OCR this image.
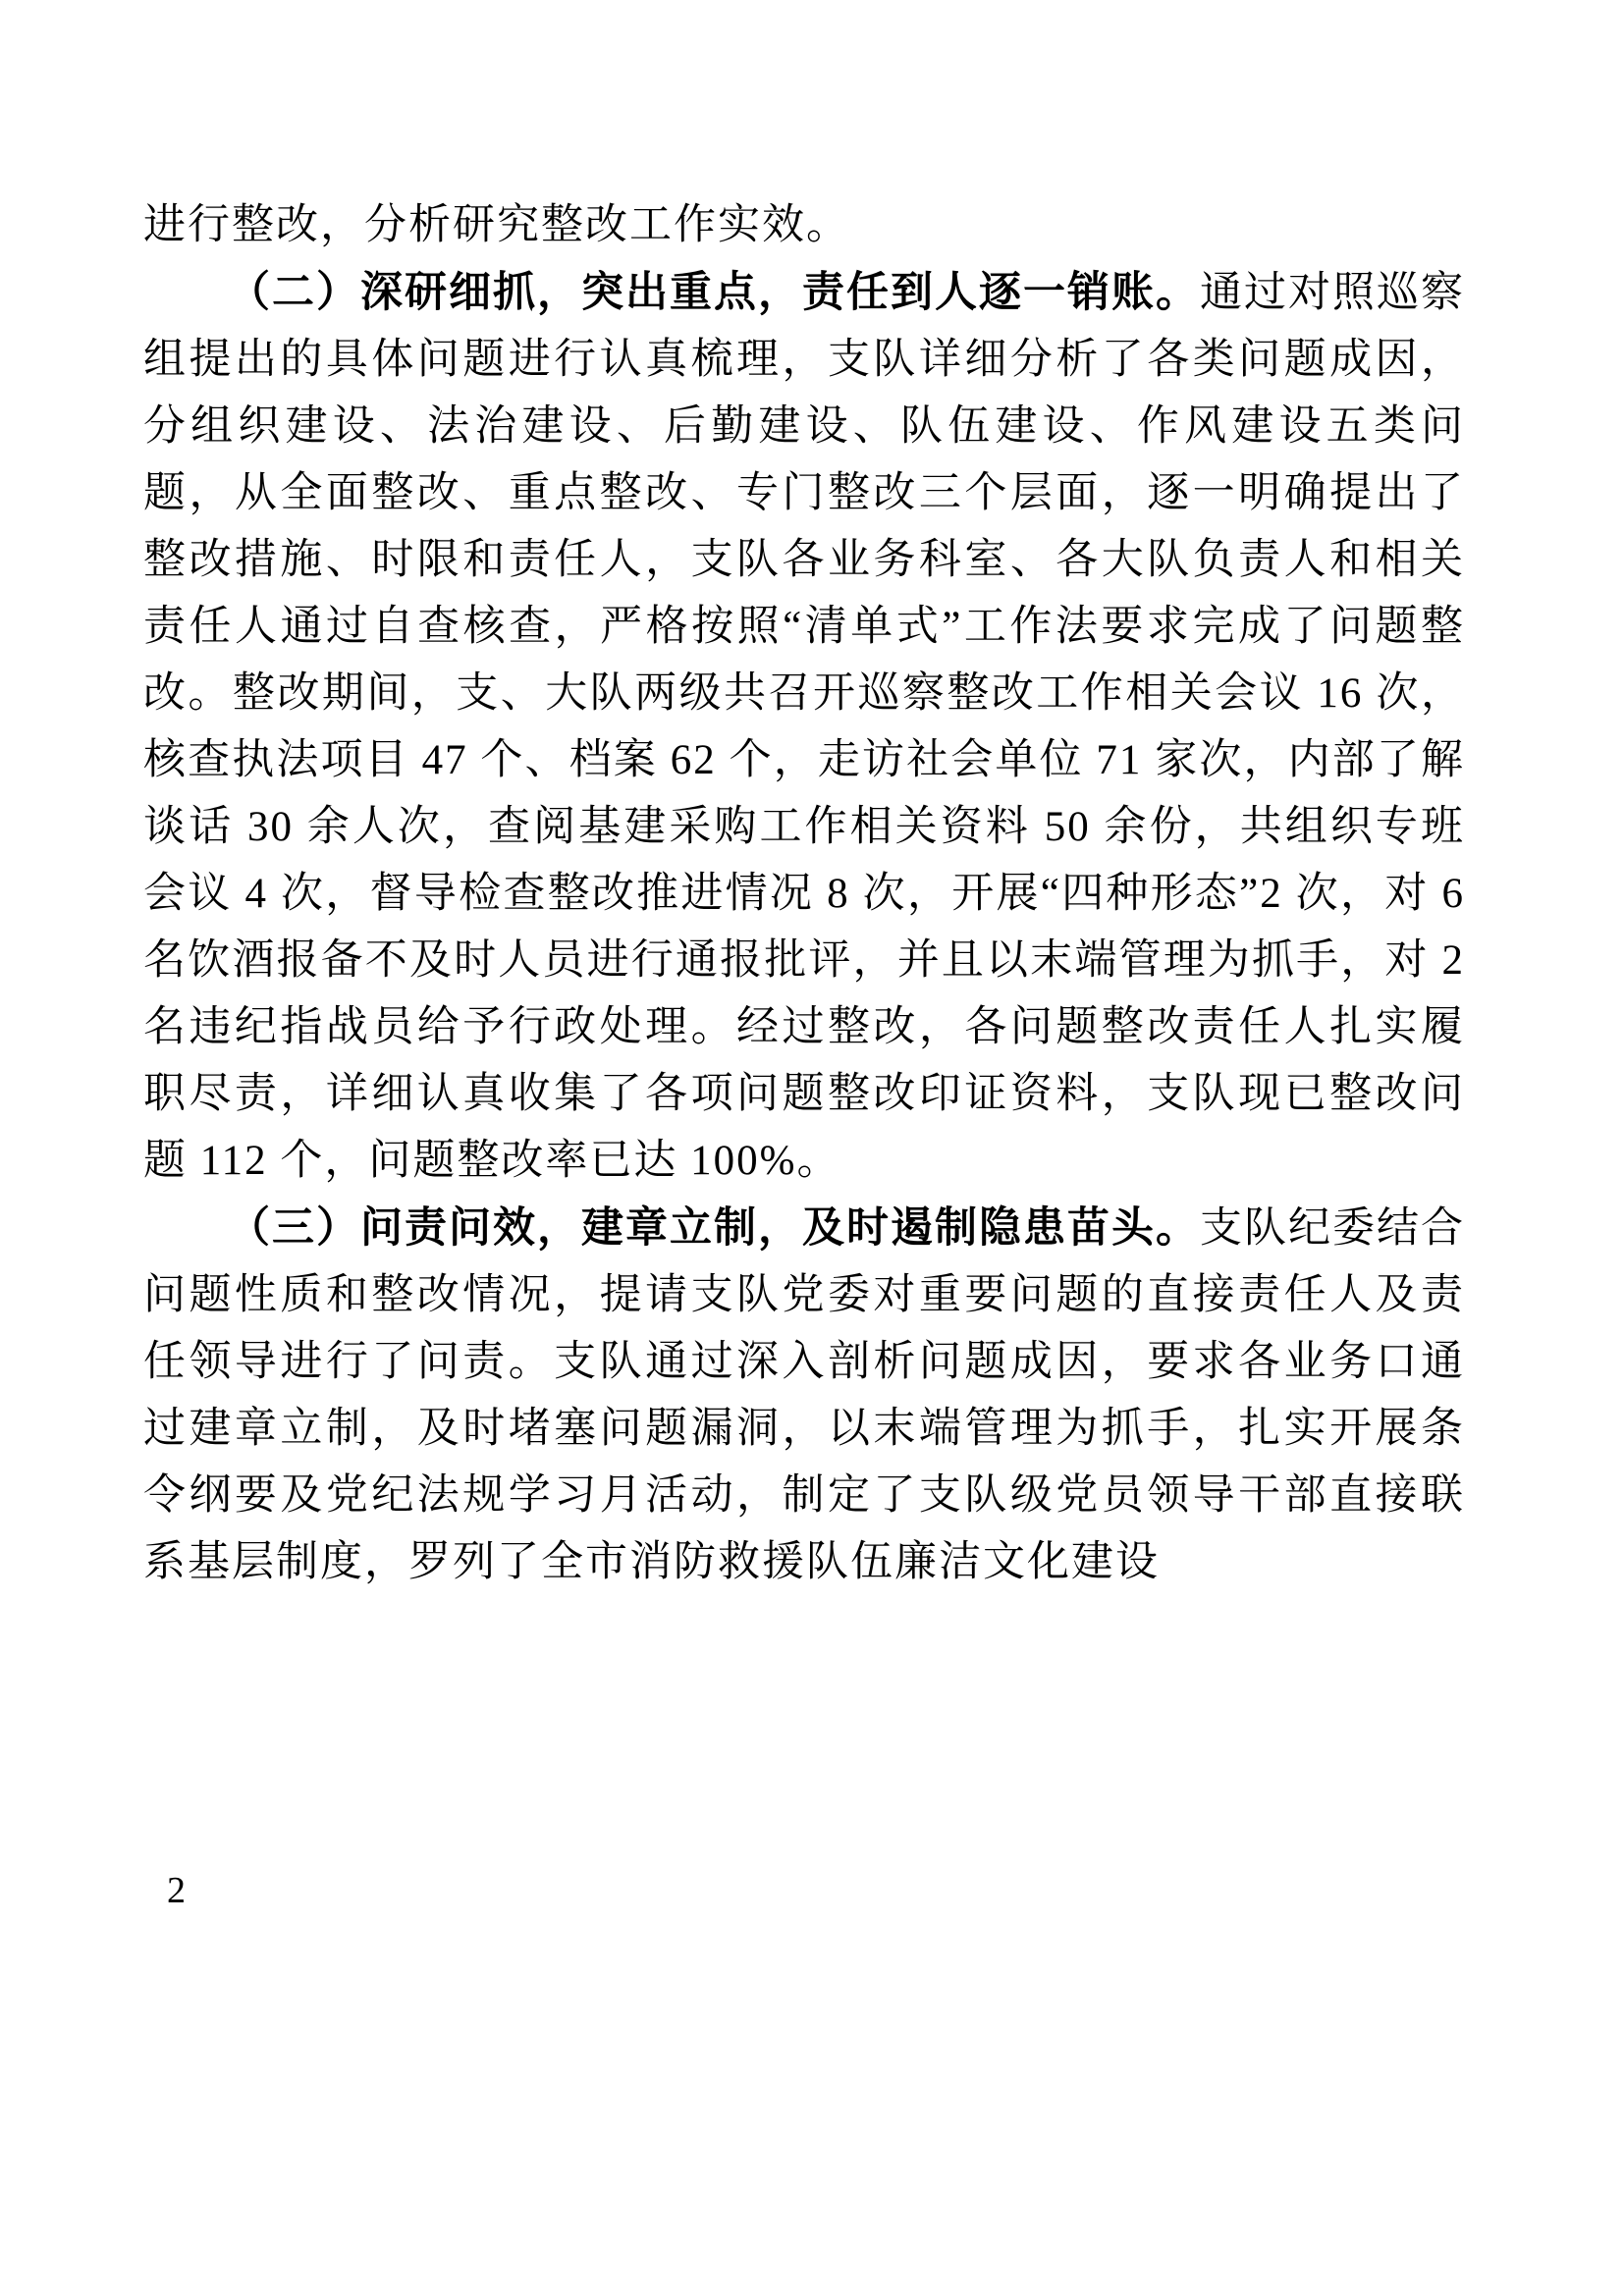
进行整改，分析研究整改工作实效。

（二）深研细抓，突出重点，责任到人逐一销账。通过对照巡察组提出的具体问题进行认真梳理，支队详细分析了各类问题成因，分组织建设、法治建设、后勤建设、队伍建设、作风建设五类问题，从全面整改、重点整改、专门整改三个层面，逐一明确提出了整改措施、时限和责任人，支队各业务科室、各大队负责人和相关责任人通过自查核查，严格按照“清单式”工作法要求完成了问题整改。整改期间，支、大队两级共召开巡察整改工作相关会议 16 次，核查执法项目 47 个、档案 62 个，走访社会单位 71 家次，内部了解谈话 30 余人次，查阅基建采购工作相关资料 50 余份，共组织专班会议 4 次，督导检查整改推进情况 8 次，开展“四种形态”2 次，对 6 名饮酒报备不及时人员进行通报批评，并且以末端管理为抓手，对 2 名违纪指战员给予行政处理。经过整改，各问题整改责任人扎实履职尽责，详细认真收集了各项问题整改印证资料，支队现已整改问题 112 个，问题整改率已达 100%。

（三）问责问效，建章立制，及时遏制隐患苗头。支队纪委结合问题性质和整改情况，提请支队党委对重要问题的直接责任人及责任领导进行了问责。支队通过深入剖析问题成因，要求各业务口通过建章立制，及时堵塞问题漏洞，以末端管理为抓手，扎实开展条令纲要及党纪法规学习月活动，制定了支队级党员领导干部直接联系基层制度，罗列了全市消防救援队伍廉洁文化建设

2
